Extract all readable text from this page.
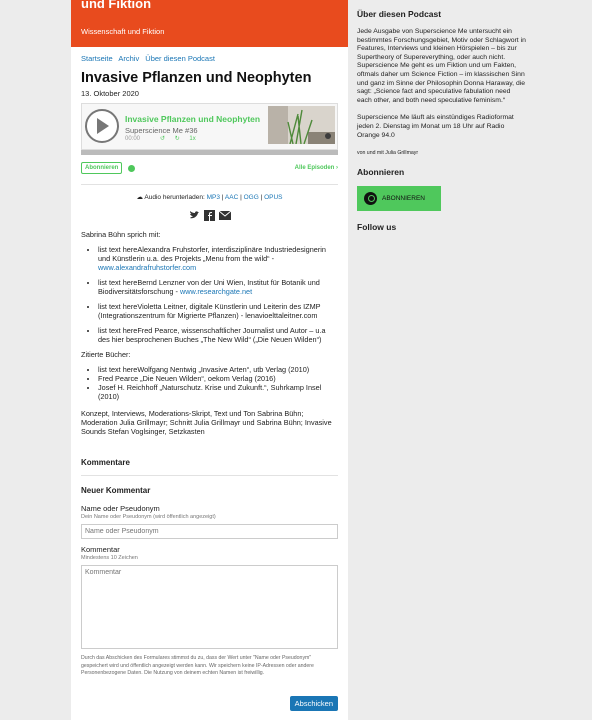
und Fiktion
Wissenschaft und Fiktion
Startseite Archiv Über diesen Podcast
Invasive Pflanzen und Neophyten
13. Oktober 2020
Invasive Pflanzen und Neophyten
Superscience Me #36
00:00	↺ ↻ 1x
Abonnieren	Alle Episoden ›
☁ Audio herunterladen: MP3 | AAC | OGG | OPUS

Sabrina Bühn sprich mit:

• list text hereAlexandra Fruhstorfer, interdisziplinäre Industriedesignerin und Künstlerin u.a. des Projekts „Menu from the wild“ - www.alexandrafruhstorfer.com
• list text hereBernd Lenzner von der Uni Wien, Institut für Botanik und Biodiversitätsforschung - www.researchgate.net
• list text hereVioletta Leitner, digitale Künstlerin und Leiterin des IZMP (Integrationszentrum für Migrierte Pflanzen) - lenavioelttaleitner.com
• list text hereFred Pearce, wissenschaftlicher Journalist und Autor – u.a des hier besprochenen Buches „The New Wild“ („Die Neuen Wilden“)

Zitierte Bücher:

• list text hereWolfgang Nentwig „Invasive Arten“, utb Verlag (2010)
• Fred Pearce „Die Neuen Wilden“, oekom Verlag (2016)
• Josef H. Reichhoff „Naturschutz. Krise und Zukunft.“, Suhrkamp Insel (2010)

Konzept, Interviews, Moderations-Skript, Text und Ton Sabrina Bühn; Moderation Julia Grillmayr; Schnitt Julia Grillmayr und Sabrina Bühn; Invasive Sounds Stefan Voglsinger, Setzkasten

Kommentare
Neuer Kommentar
Name oder Pseudonym
Dein Name oder Pseudonym (wird öffentlich angezeigt)
Name oder Pseudonym
Kommentar
Mindestens 10 Zeichen
Kommentar
Durch das Abschicken des Formulares stimmst du zu, dass der Wert unter "Name oder Pseudonym" gespeichert wird und öffentlich angezeigt werden kann. Wir speichern keine IP-Adressen oder andere Personenbezogene Daten. Die Nutzung von deinem echten Namen ist freiwillig.
Abschicken
Über diesen Podcast
Jede Ausgabe von Superscience Me untersucht ein bestimmtes Forschungsgebiet, Motiv oder Schlagwort in Features, Interviews und kleinen Hörspielen – bis zur Supertheory of Supereverything, oder auch nicht.
Superscience Me geht es um Fiktion und um Fakten, oftmals daher um Science Fiction – im klassischen Sinn und ganz im Sinne der Philosophin Donna Haraway, die sagt: „Science fact and speculative fabulation need each other, and both need speculative feminism.“
Superscience Me läuft als einstündiges Radioformat jeden 2. Dienstag im Monat um 18 Uhr auf Radio Orange 94.0
von und mit Julia Grillmayr
Abonnieren
ABONNIEREN
Follow us
